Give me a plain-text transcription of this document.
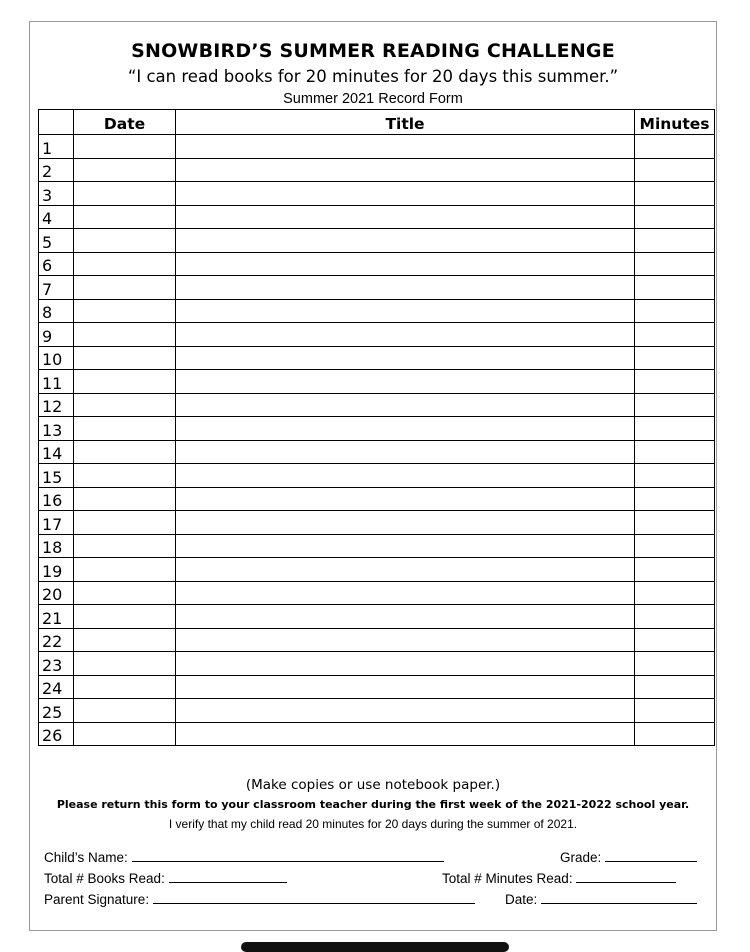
SNOWBIRD’S SUMMER READING CHALLENGE
“I can read books for 20 minutes for 20 days this summer.”
Summer 2021 Record Form
	Date	Title	Minutes
1			
2			
3			
4			
5			
6			
7			
8			
9			
10			
11			
12			
13			
14			
15			
16			
17			
18			
19			
20			
21			
22			
23			
24			
25			
26			
(Make copies or use notebook paper.)
Please return this form to your classroom teacher during the first week of the 2021-2022 school year.
I verify that my child read 20 minutes for 20 days during the summer of 2021.
Child’s Name:	Grade:
Total # Books Read:	Total # Minutes Read:
Parent Signature:	Date:
